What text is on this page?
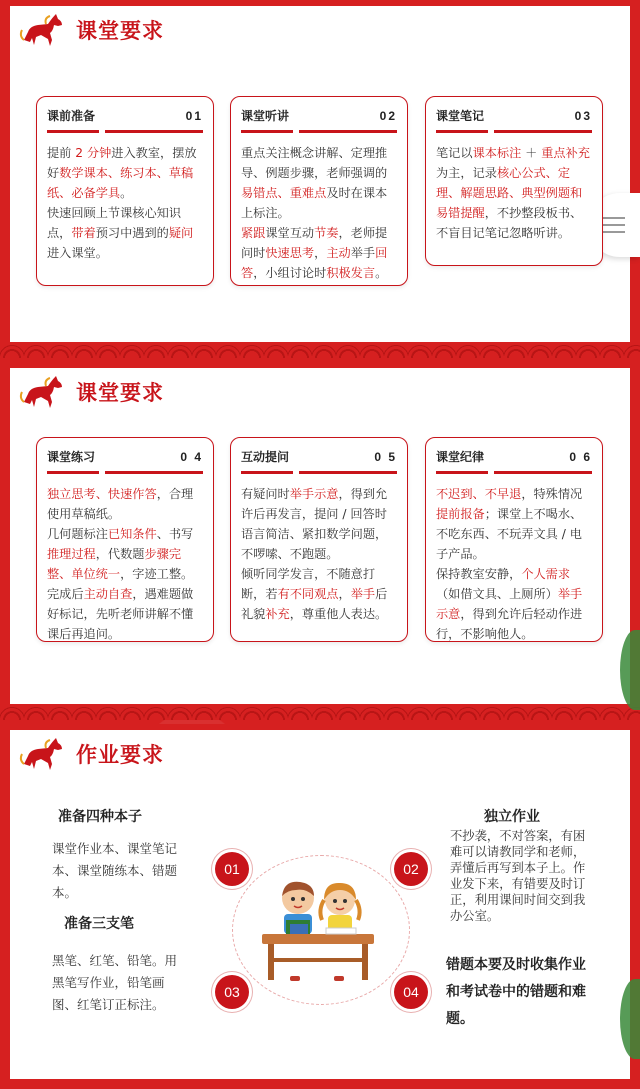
课堂要求
课堂要求
作业要求
课前准备	01
提前 2 分钟进入教室，摆放好数学课本、练习本、草稿纸、必备学具。
快速回顾上节课核心知识点，带着预习中遇到的疑问进入课堂。
课堂听讲	02
重点关注概念讲解、定理推导、例题步骤，老师强调的易错点、重难点及时在课本上标注。
紧跟课堂互动节奏，老师提问时快速思考，主动举手回答，小组讨论时积极发言。
课堂笔记	03
笔记以课本标注 ＋ 重点补充为主，记录核心公式、定理、解题思路、典型例题和易错提醒，不抄整段板书、不盲目记笔记忽略听讲。
课堂练习	0 4
独立思考、快速作答，合理使用草稿纸。
几何题标注已知条件、书写推理过程，代数题步骤完整、单位统一，字迹工整。
完成后主动自查，遇难题做好标记，先听老师讲解不懂课后再追问。
互动提问	0 5
有疑问时举手示意，得到允许后再发言，提问 / 回答时语言简洁、紧扣数学问题，不啰嗦、不跑题。
倾听同学发言，不随意打断，若有不同观点，举手后礼貌补充，尊重他人表达。
课堂纪律	0 6
不迟到、不早退，特殊情况提前报备；课堂上不喝水、不吃东西、不玩弄文具 / 电子产品。
保持教室安静，个人需求（如借文具、上厕所）举手示意，得到允许后轻动作进行，不影响他人。
准备四种本子
课堂作业本、课堂笔记本、课堂随练本、错题本。
准备三支笔
黑笔、红笔、铅笔。用黑笔写作业，铅笔画图、红笔订正标注。
独立作业
不抄袭，不对答案，有困难可以请教同学和老师，弄懂后再写到本子上。作业发下来，有错要及时订正，利用课间时间交到我办公室。
错题本要及时收集作业和考试卷中的错题和难题。
01	02
03	04
